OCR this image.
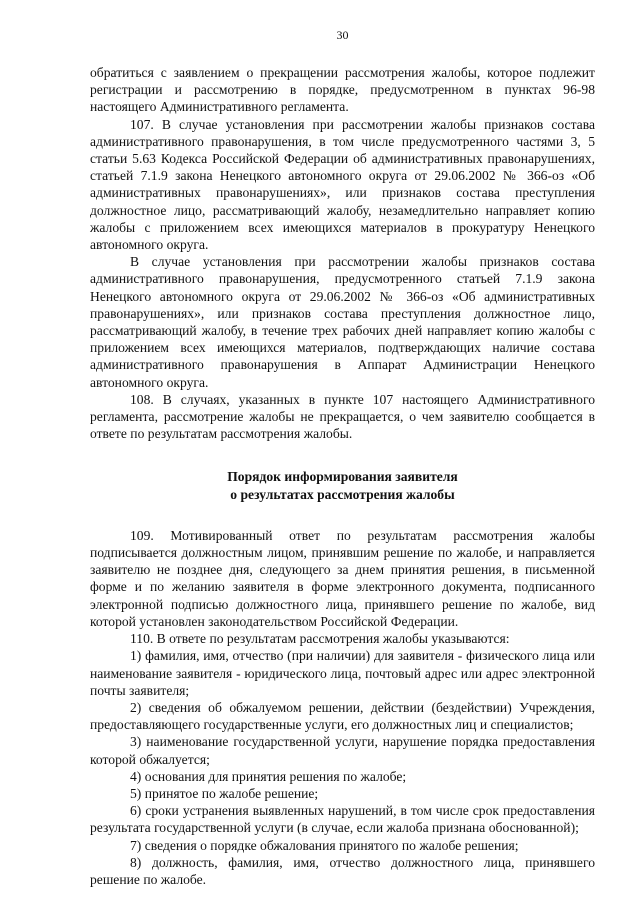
30

обратиться с заявлением о прекращении рассмотрения жалобы, которое подлежит регистрации и рассмотрению в порядке, предусмотренном в пунктах 96-98 настоящего Административного регламента.

107. В случае установления при рассмотрении жалобы признаков состава административного правонарушения, в том числе предусмотренного частями 3, 5 статьи 5.63 Кодекса Российской Федерации об административных правонарушениях, статьей 7.1.9 закона Ненецкого автономного округа от 29.06.2002 № 366-оз «Об административных правонарушениях», или признаков состава преступления должностное лицо, рассматривающий жалобу, незамедлительно направляет копию жалобы с приложением всех имеющихся материалов в прокуратуру Ненецкого автономного округа.

В случае установления при рассмотрении жалобы признаков состава административного правонарушения, предусмотренного статьей 7.1.9 закона Ненецкого автономного округа от 29.06.2002 № 366-оз «Об административных правонарушениях», или признаков состава преступления должностное лицо, рассматривающий жалобу, в течение трех рабочих дней направляет копию жалобы с приложением всех имеющихся материалов, подтверждающих наличие состава административного правонарушения в Аппарат Администрации Ненецкого автономного округа.

108. В случаях, указанных в пункте 107 настоящего Административного регламента, рассмотрение жалобы не прекращается, о чем заявителю сообщается в ответе по результатам рассмотрения жалобы.

Порядок информирования заявителя
о результатах рассмотрения жалобы

109. Мотивированный ответ по результатам рассмотрения жалобы подписывается должностным лицом, принявшим решение по жалобе, и направляется заявителю не позднее дня, следующего за днем принятия решения, в письменной форме и по желанию заявителя в форме электронного документа, подписанного электронной подписью должностного лица, принявшего решение по жалобе, вид которой установлен законодательством Российской Федерации.

110. В ответе по результатам рассмотрения жалобы указываются:

1) фамилия, имя, отчество (при наличии) для заявителя - физического лица или наименование заявителя - юридического лица, почтовый адрес или адрес электронной почты заявителя;

2) сведения об обжалуемом решении, действии (бездействии) Учреждения, предоставляющего государственные услуги, его должностных лиц и специалистов;

3) наименование государственной услуги, нарушение порядка предоставления которой обжалуется;

4) основания для принятия решения по жалобе;

5) принятое по жалобе решение;

6) сроки устранения выявленных нарушений, в том числе срок предоставления результата государственной услуги (в случае, если жалоба признана обоснованной);

7) сведения о порядке обжалования принятого по жалобе решения;

8) должность, фамилия, имя, отчество должностного лица, принявшего решение по жалобе.
